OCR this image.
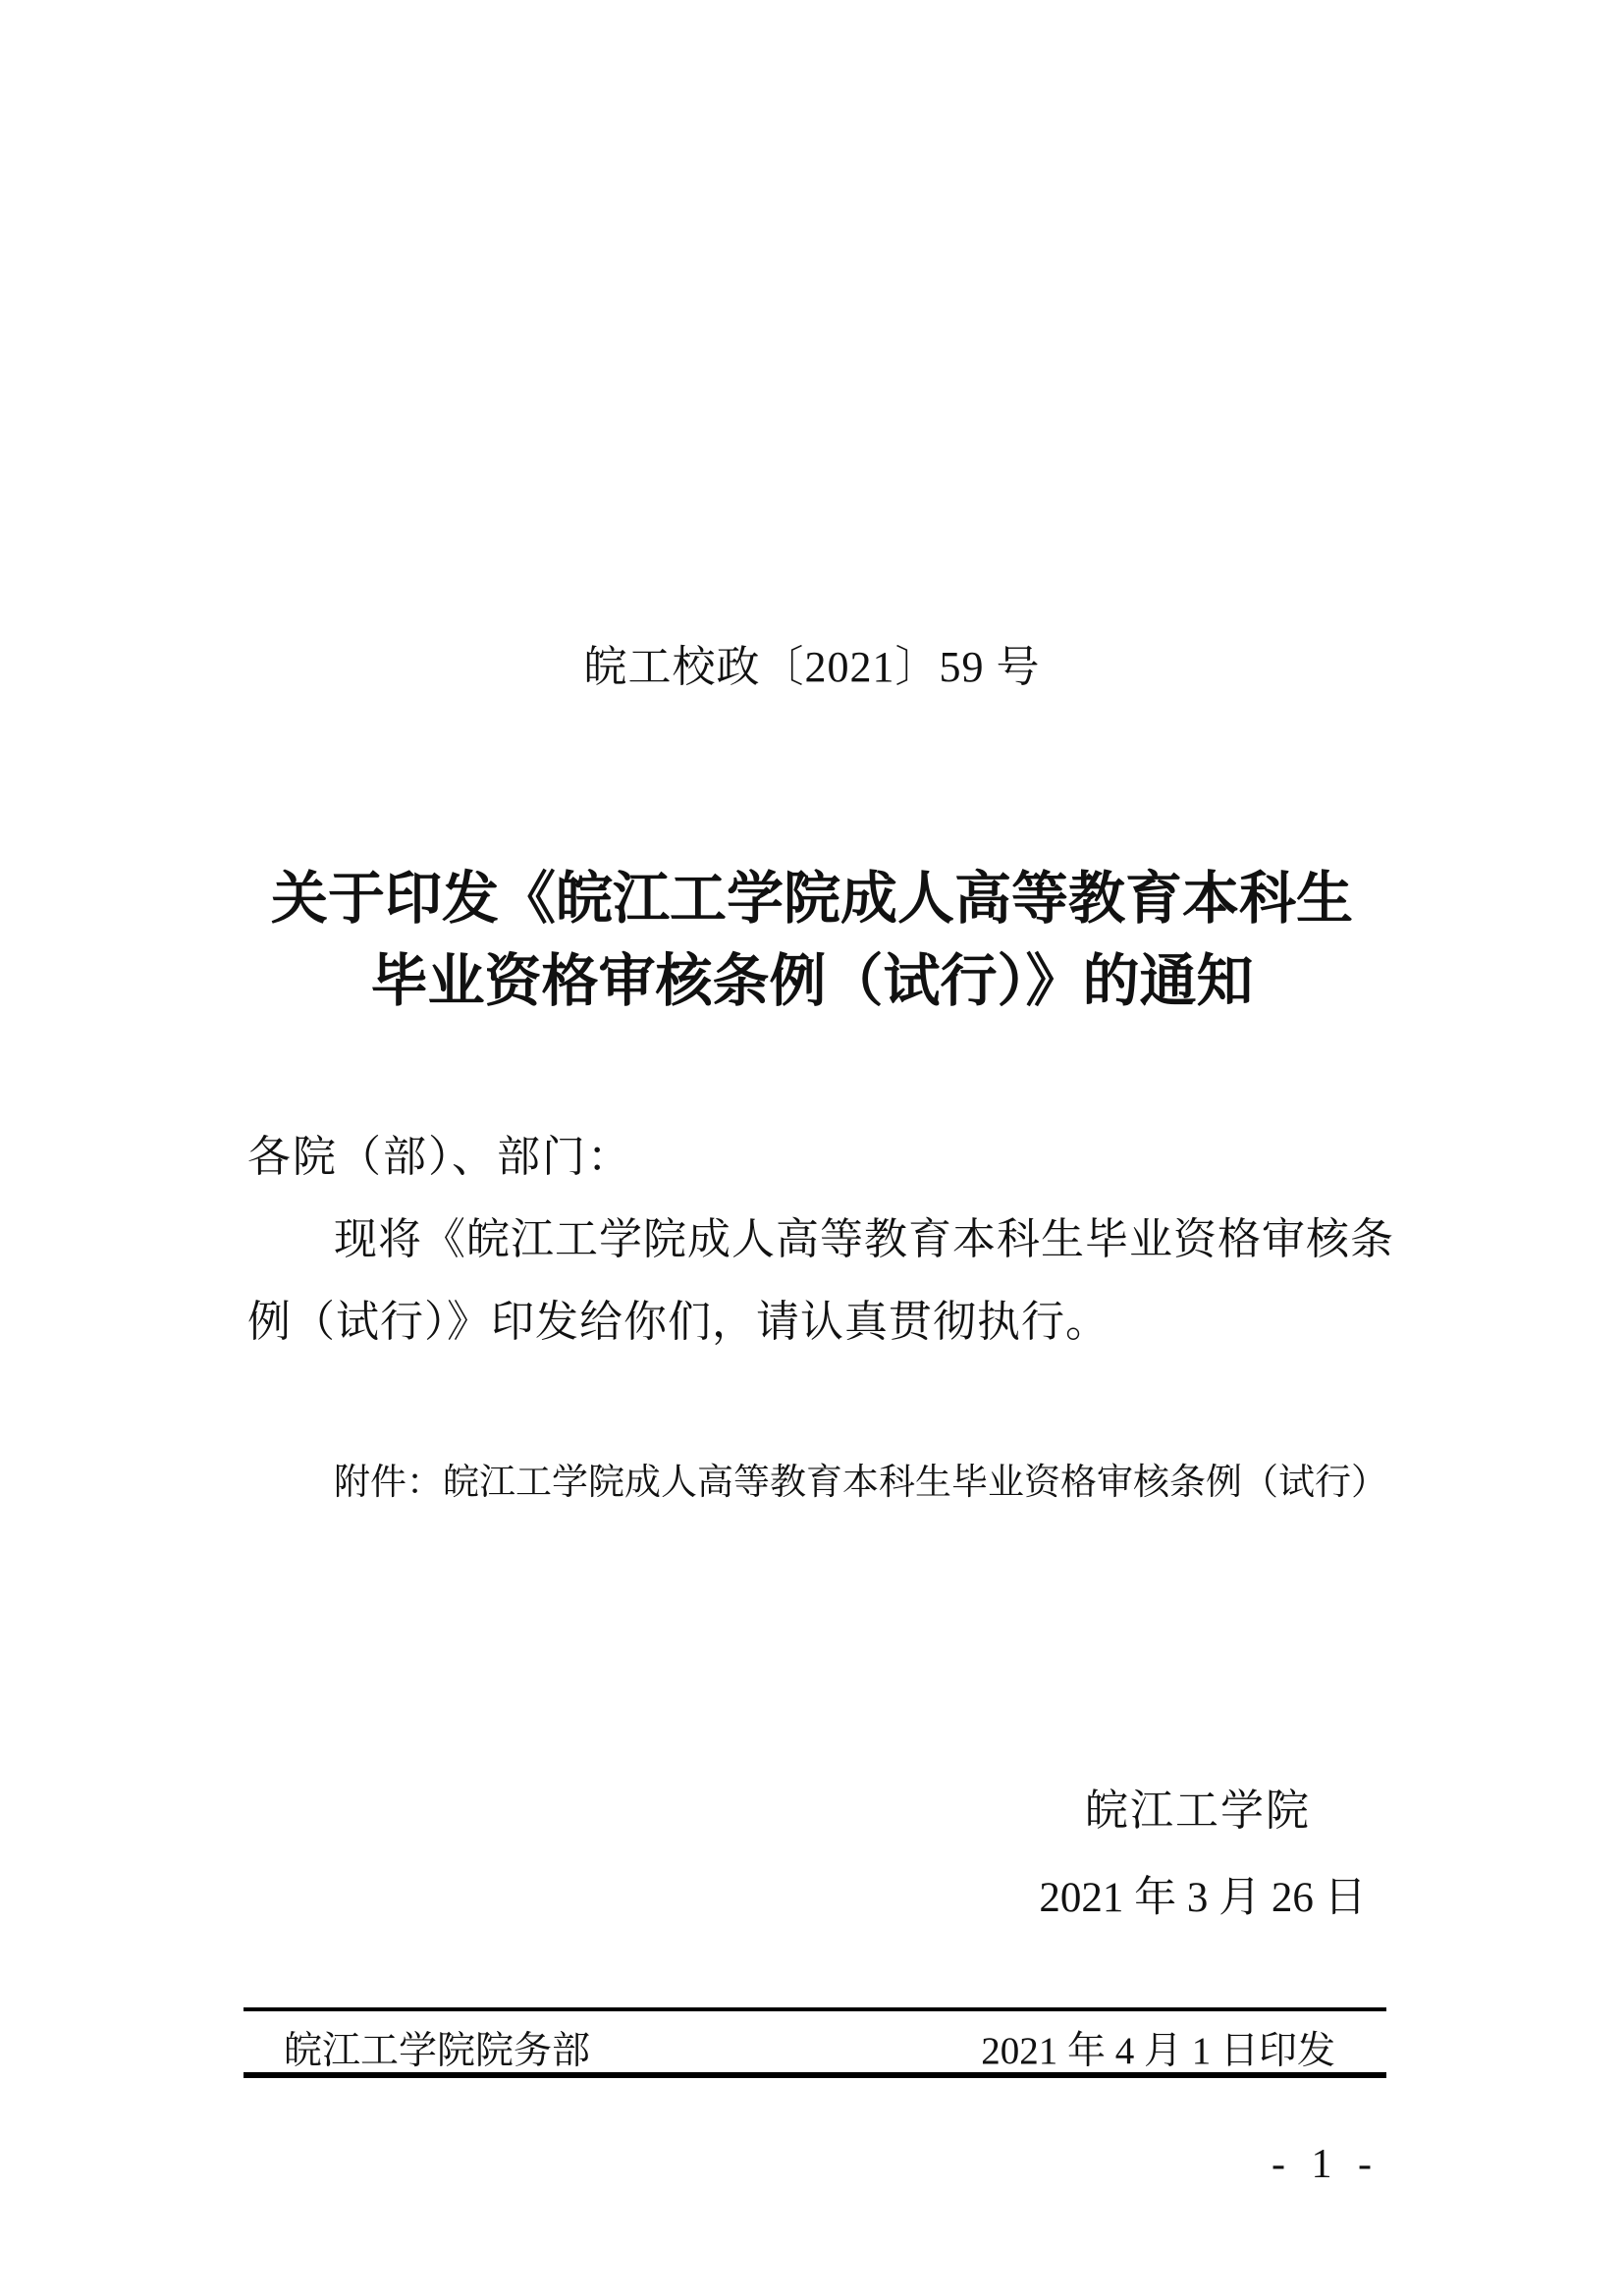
皖工校政〔2021〕59 号
关于印发《皖江工学院成人高等教育本科生
毕业资格审核条例（试行）》的通知
各院（部）、部门：
现将《皖江工学院成人高等教育本科生毕业资格审核条
例（试行）》印发给你们，请认真贯彻执行。
附件：皖江工学院成人高等教育本科生毕业资格审核条例（试行）
皖江工学院
2021 年 3 月 26 日
皖江工学院院务部	2021 年 4 月 1 日印发
- 1 -
